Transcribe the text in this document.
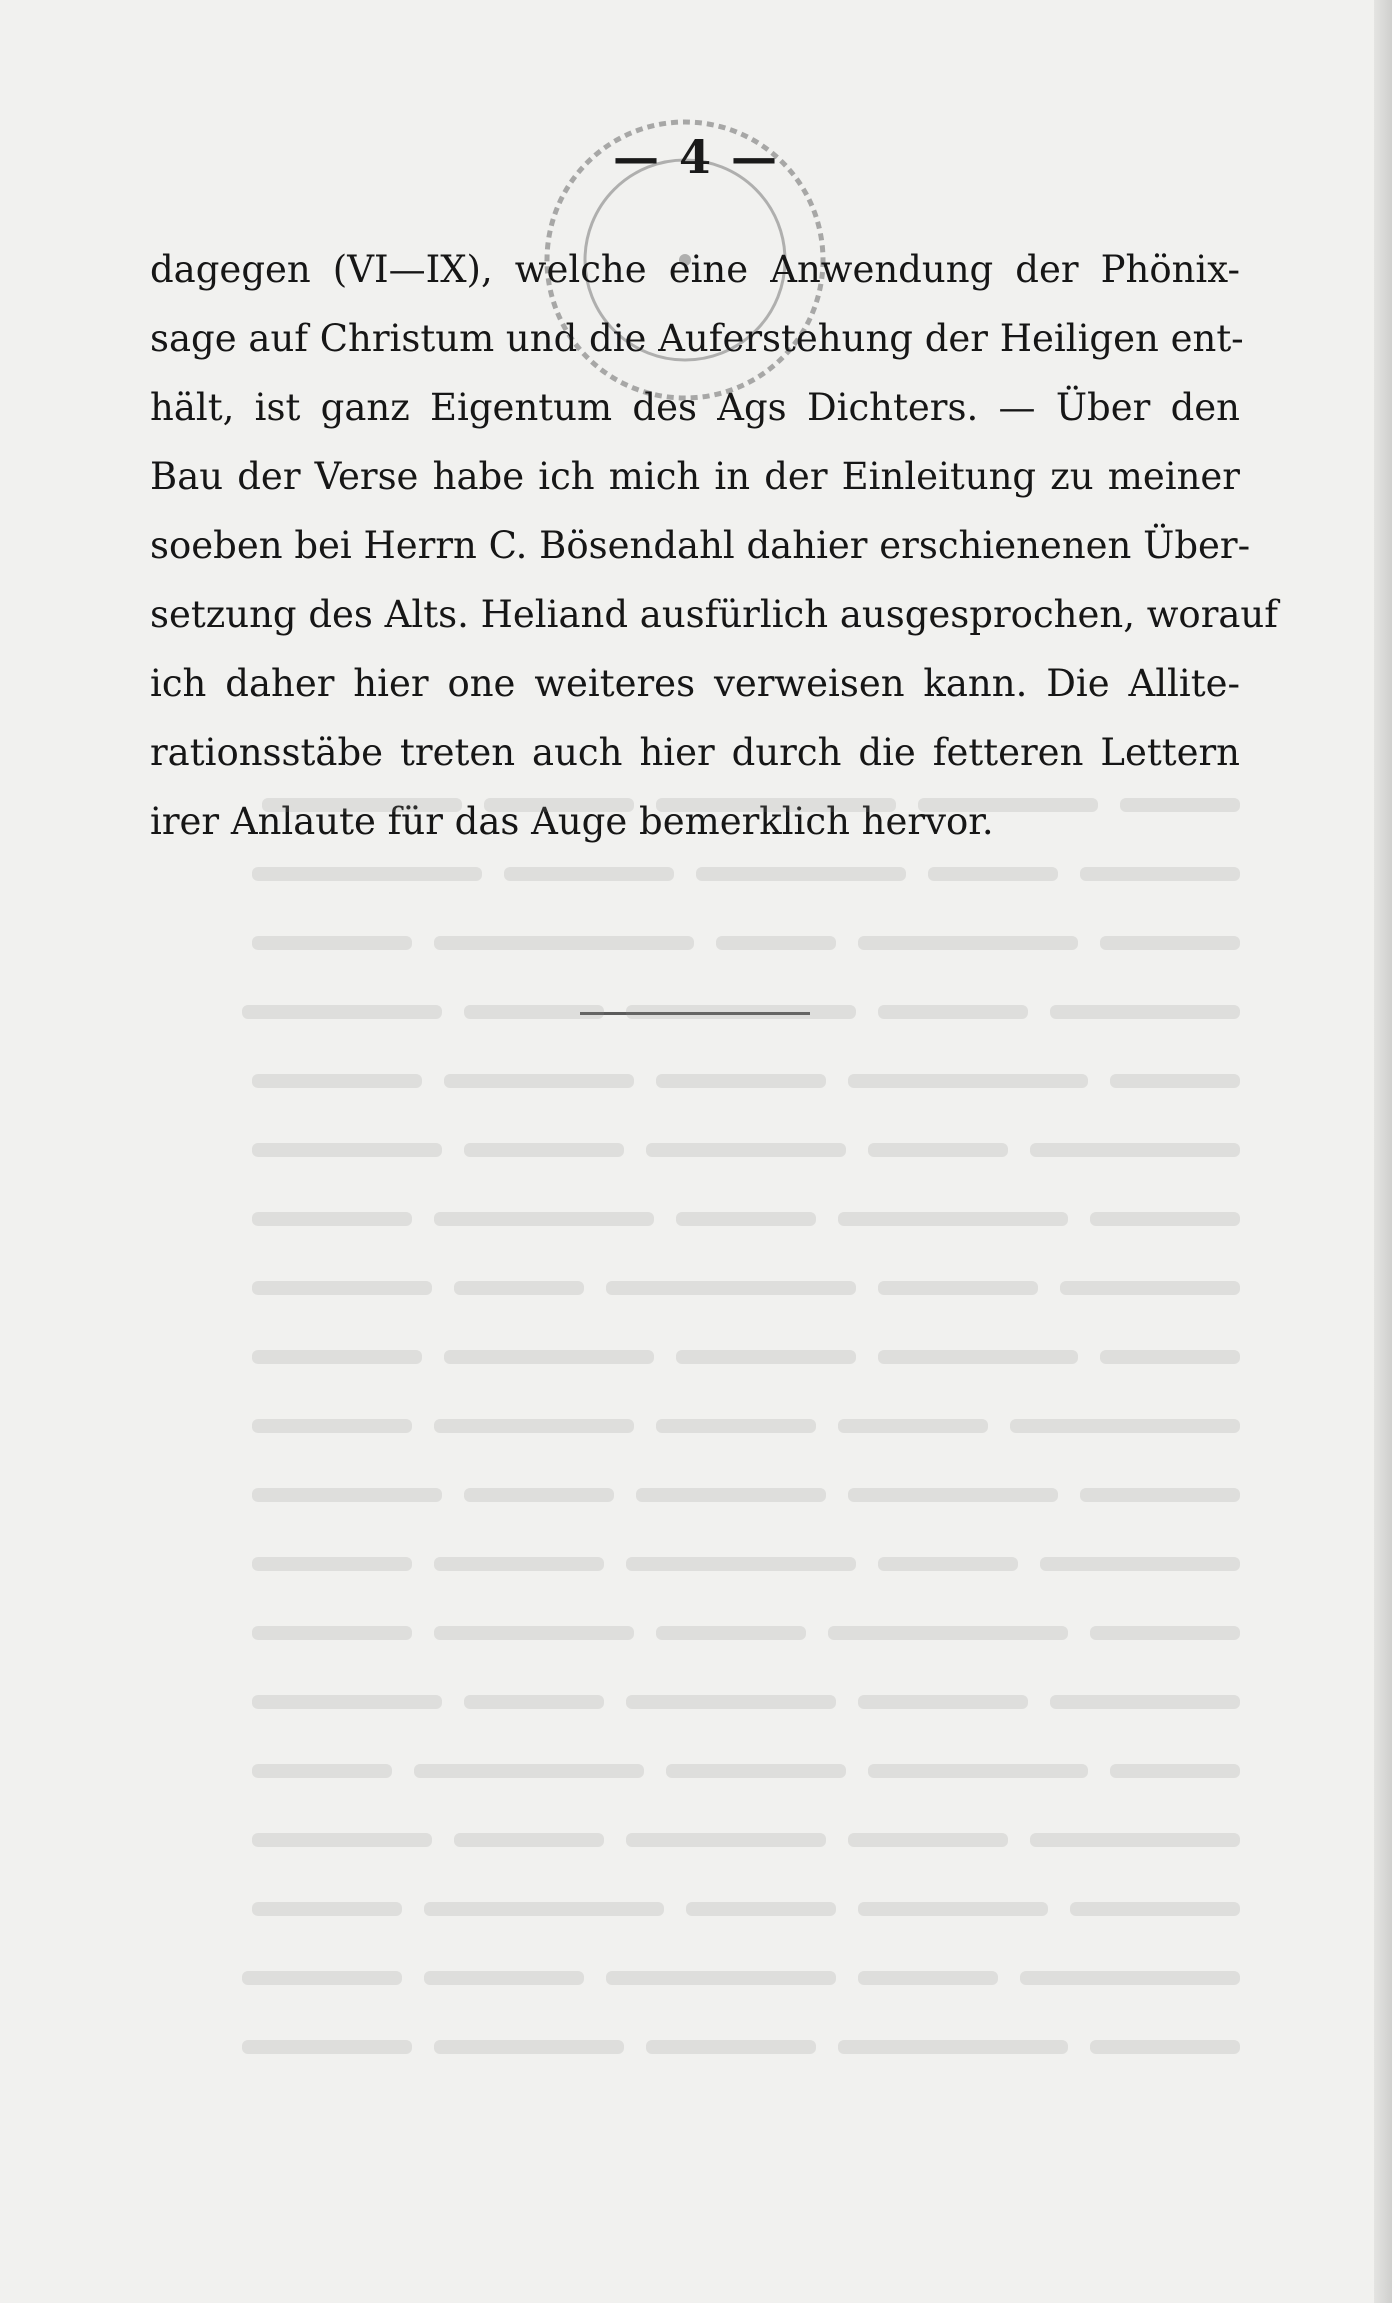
— 4 —
dagegen (VI—IX), welche eine Anwendung der Phönix-
sage auf Christum und die Auferstehung der Heiligen ent-
hält, ist ganz Eigentum des Ags Dichters. — Über den
Bau der Verse habe ich mich in der Einleitung zu meiner
soeben bei Herrn C. Bösendahl dahier erschienenen Über-
setzung des Alts. Heliand ausfürlich ausgesprochen, worauf
ich daher hier one weiteres verweisen kann. Die Allite-
rationsstäbe treten auch hier durch die fetteren Lettern
irer Anlaute für das Auge bemerklich hervor.
